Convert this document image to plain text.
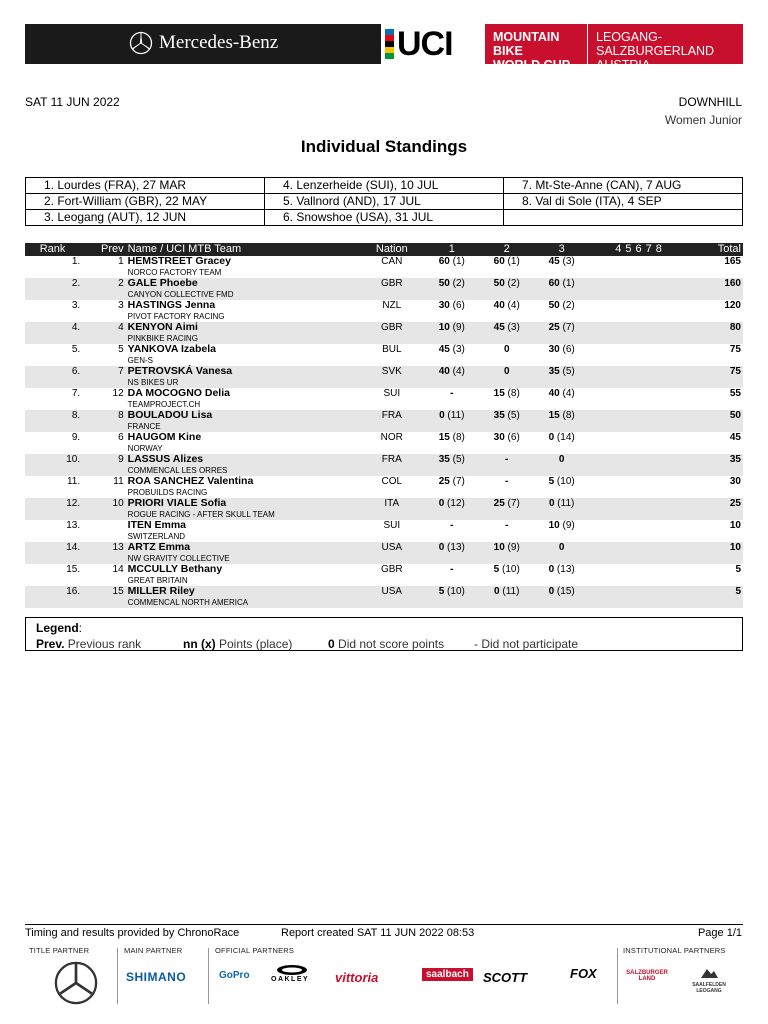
Mercedes-Benz	UCI	MOUNTAIN BIKE
WORLD CUP
LEOGANG-SALZBURGERLAND
AUSTRIA
SAT 11 JUN 2022	DOWNHILL
Women Junior
Individual Standings
1. Lourdes (FRA), 27 MAR	4. Lenzerheide (SUI), 10 JUL	7. Mt-Ste-Anne (CAN), 7 AUG
2. Fort-William (GBR), 22 MAY	5. Vallnord (AND), 17 JUL	8. Val di Sole (ITA), 4 SEP
3. Leogang (AUT), 12 JUN	6. Snowshoe (USA), 31 JUL	
Rank	Prev	Name / UCI MTB Team	Nation	1	2	3	4 5 6 7 8	Total
1.	1	HEMSTREET Gracey
NORCO FACTORY TEAM	CAN	60 (1)	60 (1)	45 (3)		165
2.	2	GALE Phoebe
CANYON COLLECTIVE FMD	GBR	50 (2)	50 (2)	60 (1)		160
3.	3	HASTINGS Jenna
PIVOT FACTORY RACING	NZL	30 (6)	40 (4)	50 (2)		120
4.	4	KENYON Aimi
PINKBIKE RACING	GBR	10 (9)	45 (3)	25 (7)		80
5.	5	YANKOVA Izabela
GEN-S	BUL	45 (3)	0	30 (6)		75
6.	7	PETROVSKÁ Vanesa
NS BIKES UR	SVK	40 (4)	0	35 (5)		75
7.	12	DA MOCOGNO Delia
TEAMPROJECT.CH	SUI	-	15 (8)	40 (4)		55
8.	8	BOULADOU Lisa
FRANCE	FRA	0 (11)	35 (5)	15 (8)		50
9.	6	HAUGOM Kine
NORWAY	NOR	15 (8)	30 (6)	0 (14)		45
10.	9	LASSUS Alizes
COMMENCAL LES ORRES	FRA	35 (5)	-	0		35
11.	11	ROA SANCHEZ Valentina
PROBUILDS RACING	COL	25 (7)	-	5 (10)		30
12.	10	PRIORI VIALE Sofia
ROGUE RACING - AFTER SKULL TEAM	ITA	0 (12)	25 (7)	0 (11)		25
13.		ITEN Emma
SWITZERLAND	SUI	-	-	10 (9)		10
14.	13	ARTZ Emma
NW GRAVITY COLLECTIVE	USA	0 (13)	10 (9)	0		10
15.	14	MCCULLY Bethany
GREAT BRITAIN	GBR	-	5 (10)	0 (13)		5
16.	15	MILLER Riley
COMMENCAL NORTH AMERICA	USA	5 (10)	0 (11)	0 (15)		5
Legend:
Prev. Previous rank	nn (x) Points (place)	0 Did not score points	- Did not participate
Timing and results provided by ChronoRace	Report created SAT 11 JUN 2022 08:53	Page 1/1
TITLE PARTNER	MAIN PARTNER
SHIMANO
OFFICIAL PARTNERS
GoPro	OAKLEY vittoria	saalbach	SCOTT	FOX
INSTITUTIONAL PARTNERS
SALZBURGER LAND
SAALFELDEN LEOGANG
